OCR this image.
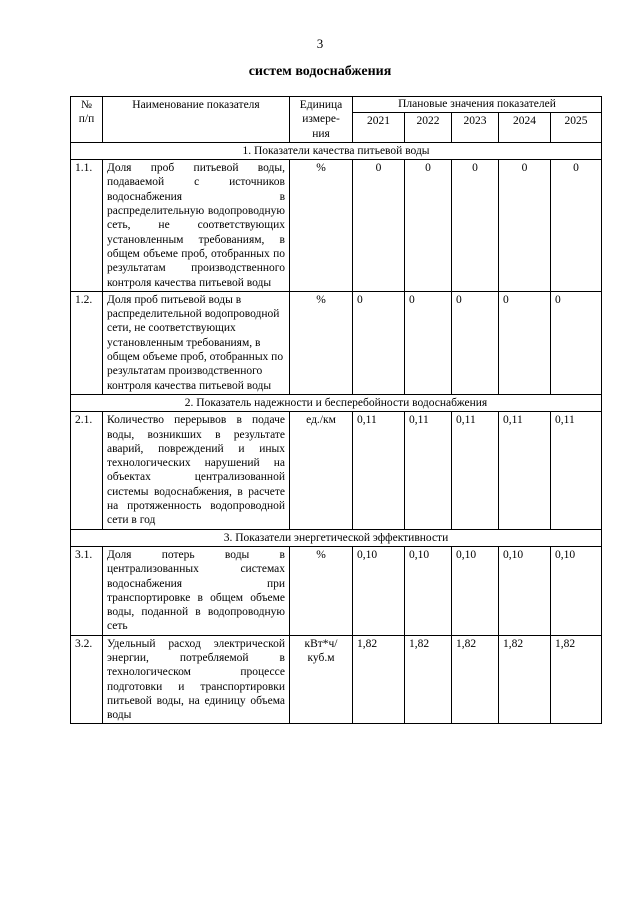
3
систем водоснабжения
№ п/п	Наименование показателя	Единица измере-ния	Плановые значения показателей				
			2021	2022	2023	2024	2025
1. Показатели качества питьевой воды							
1.1.	Доля проб питьевой воды, подаваемой с источников водоснабжения в распределительную водопроводную сеть, не соответствующих установленным требованиям, в общем объеме проб, отобранных по результатам производственного контроля качества питьевой воды	%	0	0	0	0	0
1.2.	Доля проб питьевой воды в распределительной водопроводной сети, не соответствующих установленным требованиям, в общем объеме проб, отобранных по результатам производственного контроля качества питьевой воды	%	0	0	0	0	0
2. Показатель надежности и бесперебойности водоснабжения							
2.1.	Количество перерывов в подаче воды, возникших в результате аварий, повреждений и иных технологических нарушений на объектах централизованной системы водоснабжения, в расчете на протяженность водопроводной сети в год	ед./км	0,11	0,11	0,11	0,11	0,11
3. Показатели энергетической эффективности							
3.1.	Доля потерь воды в централизованных системах водоснабжения при транспортировке в общем объеме воды, поданной в водопроводную сеть	%	0,10	0,10	0,10	0,10	0,10
3.2.	Удельный расход электрической энергии, потребляемой в технологическом процессе подготовки и транспортировки питьевой воды, на единицу объема воды	кВт*ч/ куб.м	1,82	1,82	1,82	1,82	1,82
